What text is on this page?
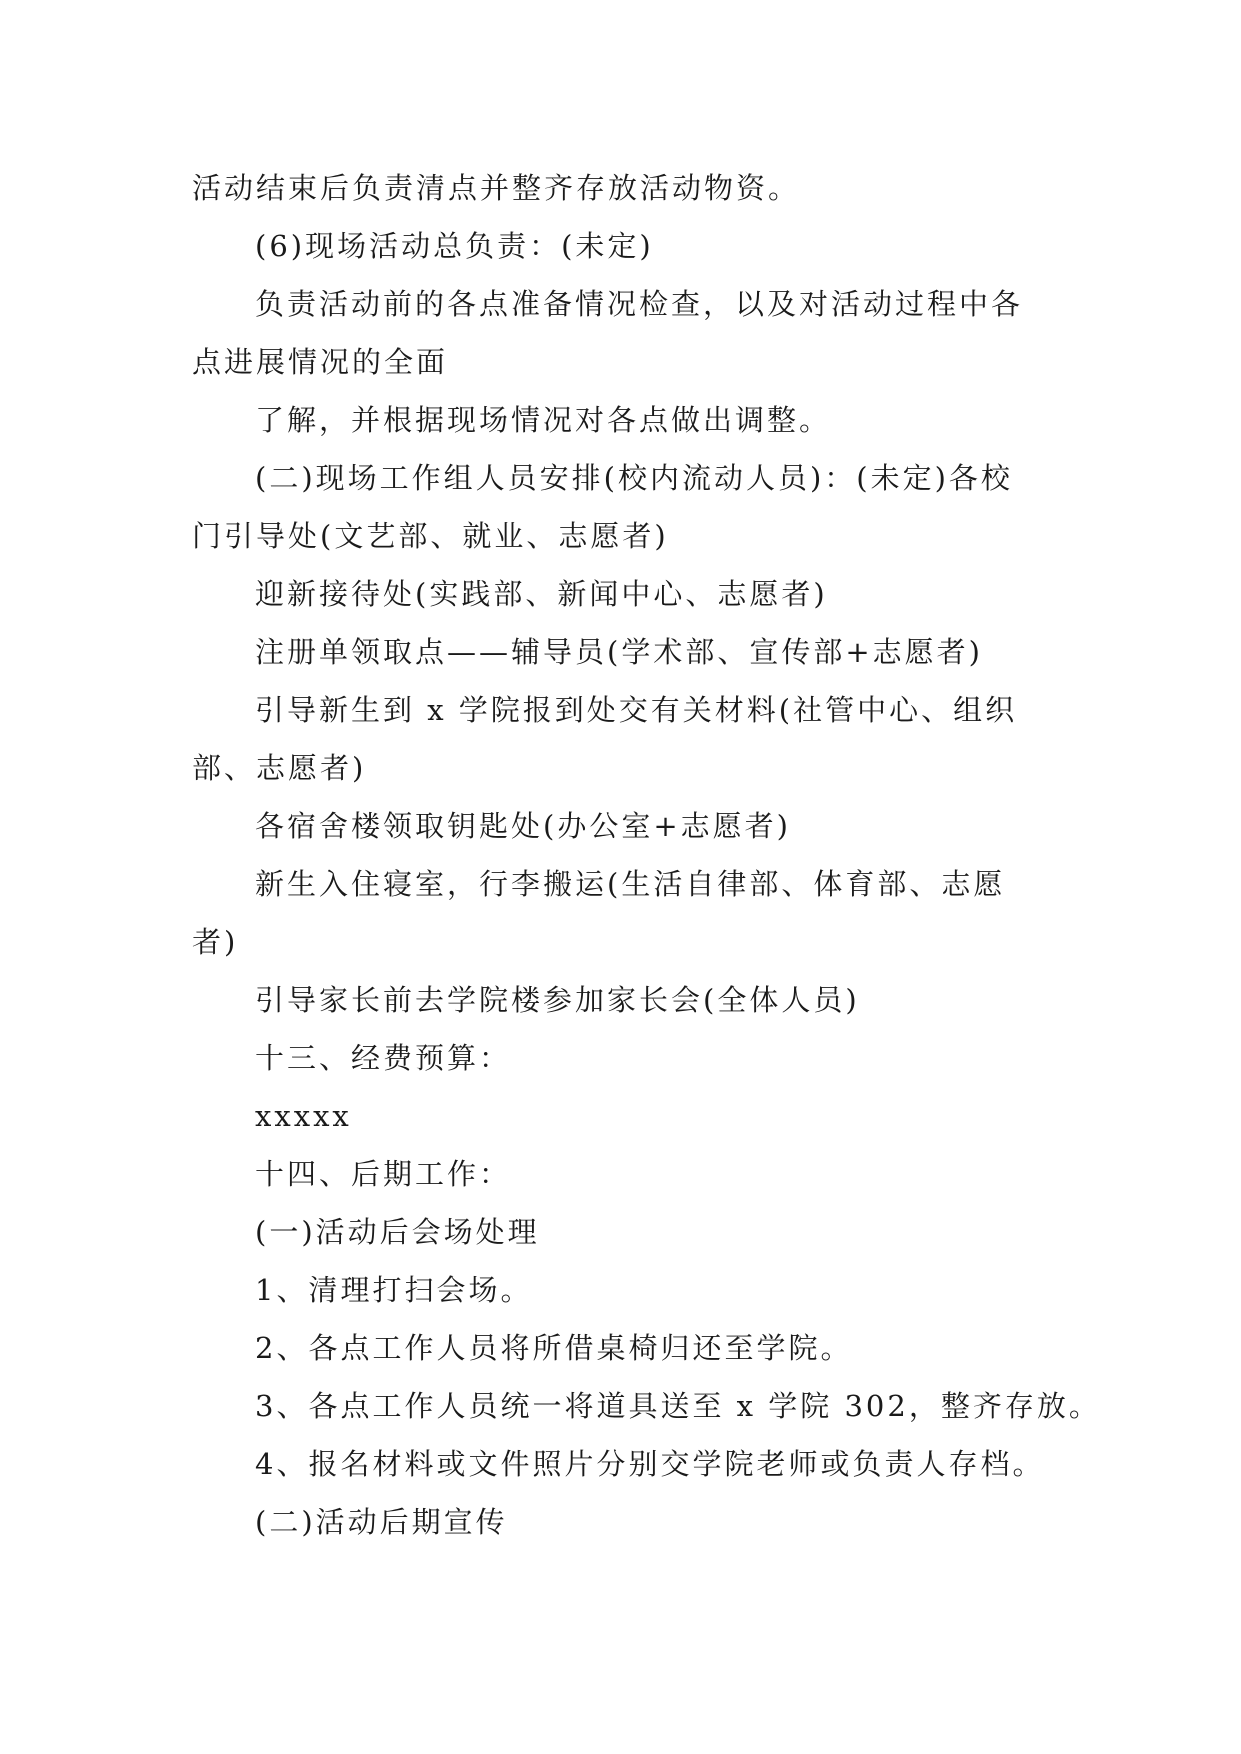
活动结束后负责清点并整齐存放活动物资。
(6)现场活动总负责：(未定)
负责活动前的各点准备情况检查，以及对活动过程中各
点进展情况的全面
了解，并根据现场情况对各点做出调整。
(二)现场工作组人员安排(校内流动人员)：(未定)各校
门引导处(文艺部、就业、志愿者)
迎新接待处(实践部、新闻中心、志愿者)
注册单领取点——辅导员(学术部、宣传部+志愿者)
引导新生到 x 学院报到处交有关材料(社管中心、组织
部、志愿者)
各宿舍楼领取钥匙处(办公室+志愿者)
新生入住寝室，行李搬运(生活自律部、体育部、志愿
者)
引导家长前去学院楼参加家长会(全体人员)
十三、经费预算：
xxxxx
十四、后期工作：
(一)活动后会场处理
1、清理打扫会场。
2、各点工作人员将所借桌椅归还至学院。
3、各点工作人员统一将道具送至 x 学院 302，整齐存放。
4、报名材料或文件照片分别交学院老师或负责人存档。
(二)活动后期宣传
